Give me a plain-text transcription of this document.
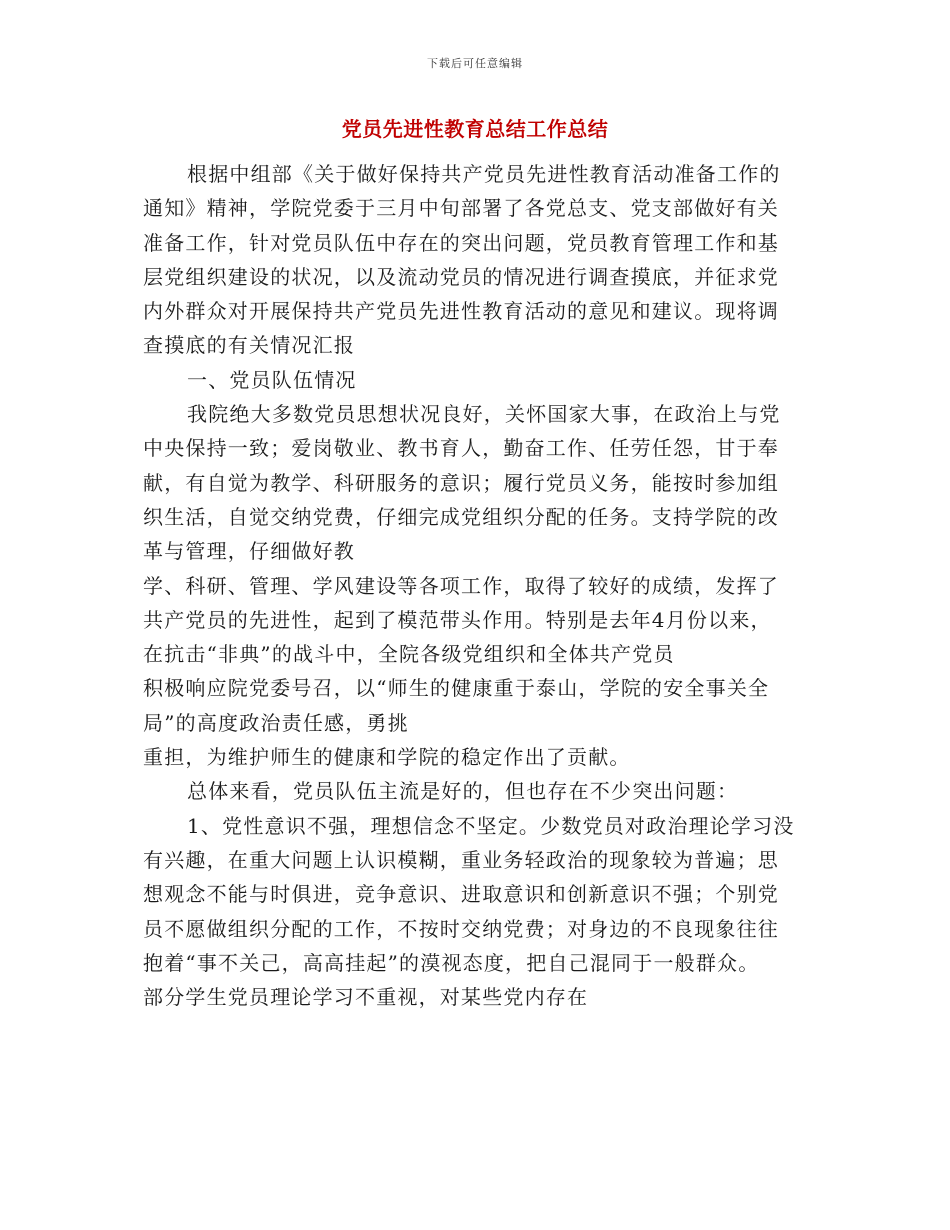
下载后可任意编辑
党员先进性教育总结工作总结
根据中组部《关于做好保持共产党员先进性教育活动准备工作的
通知》精神，学院党委于三月中旬部署了各党总支、党支部做好有关
准备工作，针对党员队伍中存在的突出问题，党员教育管理工作和基
层党组织建设的状况，以及流动党员的情况进行调查摸底，并征求党
内外群众对开展保持共产党员先进性教育活动的意见和建议。现将调
查摸底的有关情况汇报
一、党员队伍情况
我院绝大多数党员思想状况良好，关怀国家大事，在政治上与党
中央保持一致；爱岗敬业、教书育人，勤奋工作、任劳任怨，甘于奉
献，有自觉为教学、科研服务的意识；履行党员义务，能按时参加组
织生活，自觉交纳党费，仔细完成党组织分配的任务。支持学院的改
革与管理，仔细做好教
学、科研、管理、学风建设等各项工作，取得了较好的成绩，发挥了
共产党员的先进性，起到了模范带头作用。特别是去年4月份以来，
在抗击“非典”的战斗中，全院各级党组织和全体共产党员
积极响应院党委号召，以“师生的健康重于泰山，学院的安全事关全
局”的高度政治责任感，勇挑
重担，为维护师生的健康和学院的稳定作出了贡献。
总体来看，党员队伍主流是好的，但也存在不少突出问题：
1、党性意识不强，理想信念不坚定。少数党员对政治理论学习没
有兴趣，在重大问题上认识模糊，重业务轻政治的现象较为普遍；思
想观念不能与时俱进，竞争意识、进取意识和创新意识不强；个别党
员不愿做组织分配的工作，不按时交纳党费；对身边的不良现象往往
抱着“事不关己，高高挂起”的漠视态度，把自己混同于一般群众。
部分学生党员理论学习不重视，对某些党内存在
